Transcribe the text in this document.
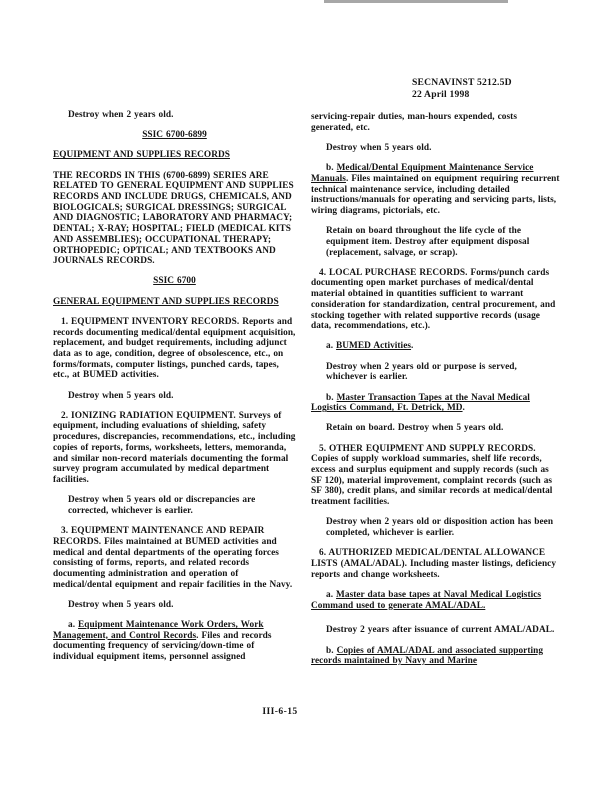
SECNAVINST 5212.5D
22 April 1998

Destroy when 2 years old.

SSIC 6700-6899

EQUIPMENT AND SUPPLIES RECORDS

THE RECORDS IN THIS (6700-6899) SERIES ARE RELATED TO GENERAL EQUIPMENT AND SUPPLIES RECORDS AND INCLUDE DRUGS, CHEMICALS, AND BIOLOGICALS; SURGICAL DRESSINGS; SURGICAL AND DIAGNOSTIC; LABORATORY AND PHARMACY; DENTAL; X-RAY; HOSPITAL; FIELD (MEDICAL KITS AND ASSEMBLIES); OCCUPATIONAL THERAPY; ORTHOPEDIC; OPTICAL; AND TEXTBOOKS AND JOURNALS RECORDS.

SSIC 6700

GENERAL EQUIPMENT AND SUPPLIES RECORDS

1. EQUIPMENT INVENTORY RECORDS. Reports and records documenting medical/dental equipment acquisition, replacement, and budget requirements, including adjunct data as to age, condition, degree of obsolescence, etc., on forms/formats, computer listings, punched cards, tapes, etc., at BUMED activities.

Destroy when 5 years old.

2. IONIZING RADIATION EQUIPMENT. Surveys of equipment, including evaluations of shielding, safety procedures, discrepancies, recommendations, etc., including copies of reports, forms, worksheets, letters, memoranda, and similar non-record materials documenting the formal survey program accumulated by medical department facilities.

Destroy when 5 years old or discrepancies are corrected, whichever is earlier.

3. EQUIPMENT MAINTENANCE AND REPAIR RECORDS. Files maintained at BUMED activities and medical and dental departments of the operating forces consisting of forms, reports, and related records documenting administration and operation of medical/dental equipment and repair facilities in the Navy.

Destroy when 5 years old.

a. Equipment Maintenance Work Orders, Work Management, and Control Records. Files and records documenting frequency of servicing/down-time of individual equipment items, personnel assigned

servicing-repair duties, man-hours expended, costs generated, etc.

Destroy when 5 years old.

b. Medical/Dental Equipment Maintenance Service Manuals. Files maintained on equipment requiring recurrent technical maintenance service, including detailed instructions/manuals for operating and servicing parts, lists, wiring diagrams, pictorials, etc.

Retain on board throughout the life cycle of the equipment item. Destroy after equipment disposal (replacement, salvage, or scrap).

4. LOCAL PURCHASE RECORDS. Forms/punch cards documenting open market purchases of medical/dental material obtained in quantities sufficient to warrant consideration for standardization, central procurement, and stocking together with related supportive records (usage data, recommendations, etc.).

a. BUMED Activities.

Destroy when 2 years old or purpose is served, whichever is earlier.

b. Master Transaction Tapes at the Naval Medical Logistics Command, Ft. Detrick, MD.

Retain on board. Destroy when 5 years old.

5. OTHER EQUIPMENT AND SUPPLY RECORDS. Copies of supply workload summaries, shelf life records, excess and surplus equipment and supply records (such as SF 120), material improvement, complaint records (such as SF 380), credit plans, and similar records at medical/dental treatment facilities.

Destroy when 2 years old or disposition action has been completed, whichever is earlier.

6. AUTHORIZED MEDICAL/DENTAL ALLOWANCE LISTS (AMAL/ADAL). Including master listings, deficiency reports and change worksheets.

a. Master data base tapes at Naval Medical Logistics Command used to generate AMAL/ADAL.

Destroy 2 years after issuance of current AMAL/ADAL.

b. Copies of AMAL/ADAL and associated supporting records maintained by Navy and Marine

III-6-15
